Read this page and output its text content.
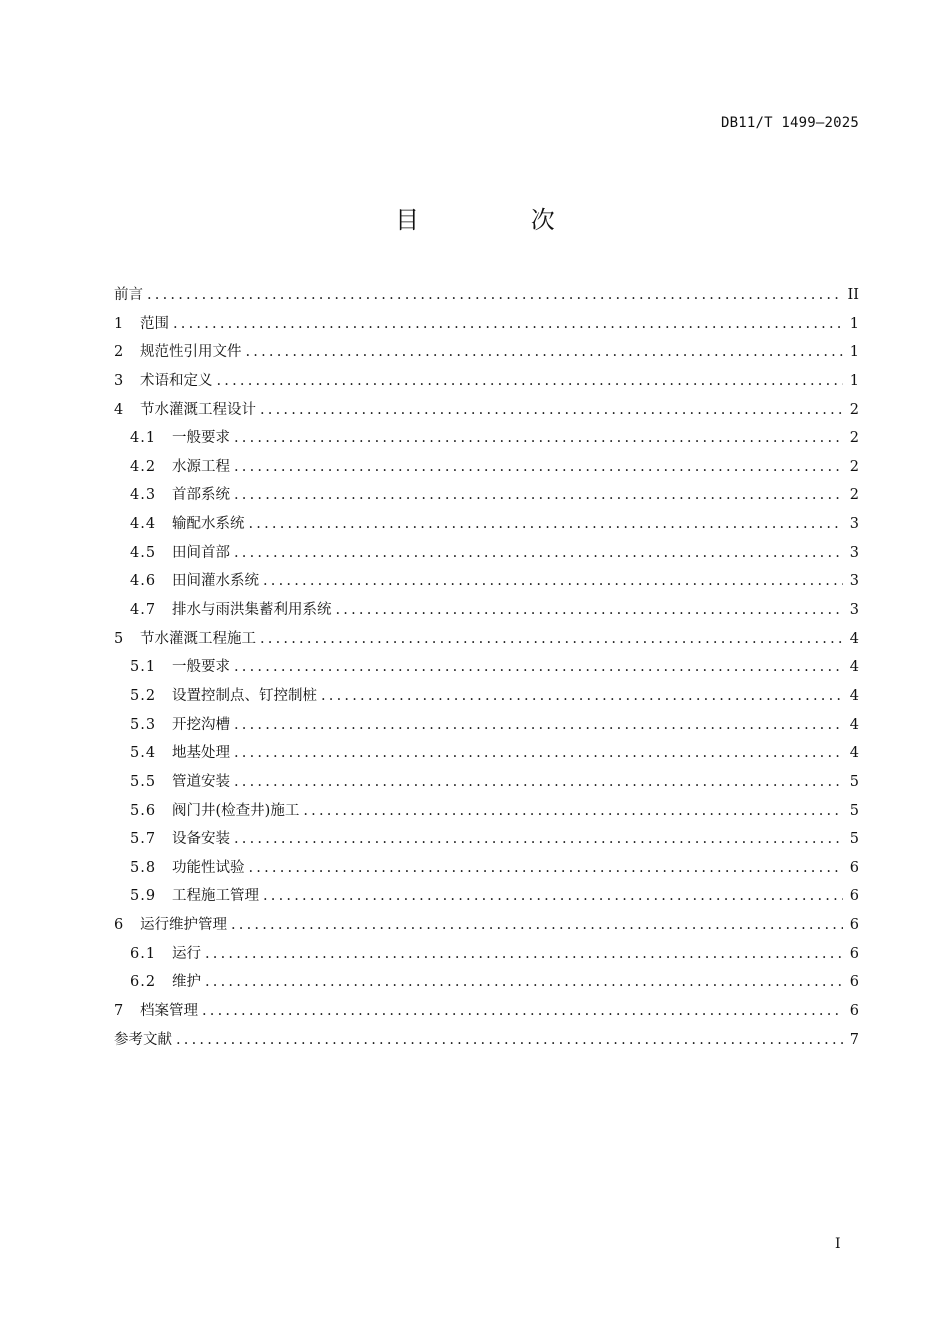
DB11/T 1499—2025
目 次
前言 .....	II
1	范围 .....	1
2	规范性引用文件 .....	1
3	术语和定义 .....	1
4	节水灌溉工程设计 .....	2
4.1	一般要求 .....	2
4.2	水源工程 .....	2
4.3	首部系统 .....	2
4.4	输配水系统 .....	3
4.5	田间首部 .....	3
4.6	田间灌水系统 .....	3
4.7	排水与雨洪集蓄利用系统 .....	3
5	节水灌溉工程施工 .....	4
5.1	一般要求 .....	4
5.2	设置控制点、钉控制桩 .....	4
5.3	开挖沟槽 .....	4
5.4	地基处理 .....	4
5.5	管道安装 .....	5
5.6	阀门井(检查井)施工 .....	5
5.7	设备安装 .....	5
5.8	功能性试验 .....	6
5.9	工程施工管理 .....	6
6	运行维护管理 .....	6
6.1	运行 .....	6
6.2	维护 .....	6
7	档案管理 .....	6
参考文献 .....	7
I
